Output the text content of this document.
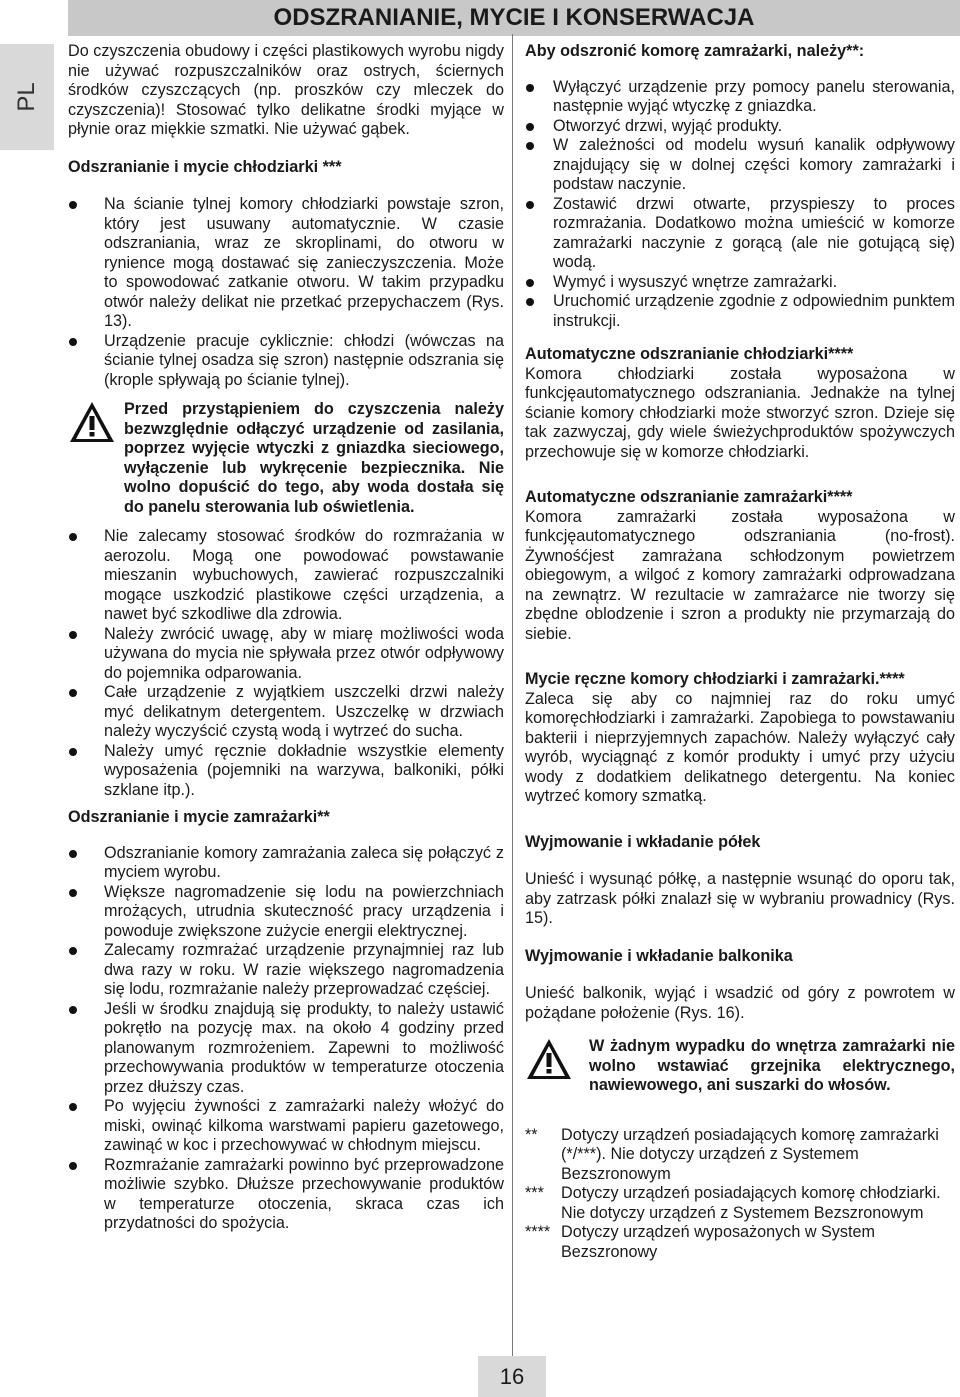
ODSZRANIANIE, MYCIE I KONSERWACJA
PL

Do czyszczenia obudowy i części plastikowych wyrobu nigdy nie używać rozpuszczalników oraz ostrych, ściernych środków czyszczących (np. proszków czy mleczek do czyszczenia)! Stosować tylko delikatne środki myjące w płynie oraz miękkie szmatki. Nie używać gąbek.

Odszranianie i mycie chłodziarki ***
Na ścianie tylnej komory chłodziarki powstaje szron, który jest usuwany automatycznie. W czasie odszraniania, wraz ze skroplinami, do otworu w rynience mogą dostawać się zanieczyszczenia. Może to spowodować zatkanie otworu. W takim przypadku otwór należy delikat nie przetkać przepychaczem (Rys. 13).
Urządzenie pracuje cyklicznie: chłodzi (wówczas na ścianie tylnej osadza się szron) następnie odszrania się (krople spływają po ścianie tylnej).
Przed przystąpieniem do czyszczenia należy bezwzględnie odłączyć urządzenie od zasilania, poprzez wyjęcie wtyczki z gniazdka sieciowego, wyłączenie lub wykręcenie bezpiecznika. Nie wolno dopuścić do tego, aby woda dostała się do panelu sterowania lub oświetlenia.
Nie zalecamy stosować środków do rozmrażania w aerozolu. Mogą one powodować powstawanie mieszanin wybuchowych, zawierać rozpuszczalniki mogące uszkodzić plastikowe części urządzenia, a nawet być szkodliwe dla zdrowia.
Należy zwrócić uwagę, aby w miarę możliwości woda używana do mycia nie spływała przez otwór odpływowy do pojemnika odparowania.
Całe urządzenie z wyjątkiem uszczelki drzwi należy myć delikatnym detergentem. Uszczelkę w drzwiach należy wyczyścić czystą wodą i wytrzeć do sucha.
Należy umyć ręcznie dokładnie wszystkie elementy wyposażenia (pojemniki na warzywa, balkoniki, półki szklane itp.).
Odszranianie i mycie zamrażarki**
Odszranianie komory zamrażania zaleca się połączyć z myciem wyrobu.
Większe nagromadzenie się lodu na powierzchniach mrożących, utrudnia skuteczność pracy urządzenia i powoduje zwiększone zużycie energii elektrycznej.
Zalecamy rozmrażać urządzenie przynajmniej raz lub dwa razy w roku. W razie większego nagromadzenia się lodu, rozmrażanie należy przeprowadzać częściej.
Jeśli w środku znajdują się produkty, to należy ustawić pokrętło na pozycję max. na około 4 godziny przed planowanym rozmrożeniem. Zapewni to możliwość przechowywania produktów w temperaturze otoczenia przez dłuższy czas.
Po wyjęciu żywności z zamrażarki należy włożyć do miski, owinąć kilkoma warstwami papieru gazetowego, zawinąć w koc i przechowywać w chłodnym miejscu.
Rozmrażanie zamrażarki powinno być przeprowadzone możliwie szybko. Dłuższe przechowywanie produktów w temperaturze otoczenia, skraca czas ich przydatności do spożycia.
Aby odszronić komorę zamrażarki, należy**:
Wyłączyć urządzenie przy pomocy panelu sterowania, następnie wyjąć wtyczkę z gniazdka.
Otworzyć drzwi, wyjąć produkty.
W zależności od modelu wysuń kanalik odpływowy znajdujący się w dolnej części komory zamrażarki i podstaw naczynie.
Zostawić drzwi otwarte, przyspieszy to proces rozmrażania. Dodatkowo można umieścić w komorze zamrażarki naczynie z gorącą (ale nie gotującą się) wodą.
Wymyć i wysuszyć wnętrze zamrażarki.
Uruchomić urządzenie zgodnie z odpowiednim punktem instrukcji.
Automatyczne odszranianie chłodziarki****

Komora chłodziarki została wyposażona w funkcjęautomatycznego odszraniania. Jednakże na tylnej ścianie komory chłodziarki może stworzyć szron. Dzieje się tak zazwyczaj, gdy wiele świeżychproduktów spożywczych przechowuje się w komorze chłodziarki.

Automatyczne odszranianie zamrażarki****

Komora zamrażarki została wyposażona w funkcjęautomatycznego odszraniania (no-frost). Żywnośćjest zamrażana schłodzonym powietrzem obiegowym, a wilgoć z komory zamrażarki odprowadzana na zewnątrz. W rezultacie w zamrażarce nie tworzy się zbędne oblodzenie i szron a produkty nie przymarzają do siebie.

Mycie ręczne komory chłodziarki i zamrażarki.****

Zaleca się aby co najmniej raz do roku umyć komoręchłodziarki i zamrażarki. Zapobiega to powstawaniu bakterii i nieprzyjemnych zapachów. Należy wyłączyć cały wyrób, wyciągnąć z komór produkty i umyć przy użyciu wody z dodatkiem delikatnego detergentu. Na koniec wytrzeć komory szmatką.

Wyjmowanie i wkładanie półek

Unieść i wysunąć półkę, a następnie wsunąć do oporu tak, aby zatrzask półki znalazł się w wybraniu prowadnicy (Rys. 15).

Wyjmowanie i wkładanie balkonika

Unieść balkonik, wyjąć i wsadzić od góry z powrotem w pożądane położenie (Rys. 16).

W żadnym wypadku do wnętrza zamrażarki nie wolno wstawiać grzejnika elektrycznego, nawiewowego, ani suszarki do włosów.
** Dotyczy urządzeń posiadających komorę zamrażarki (*/***). Nie dotyczy urządzeń z Systemem Bezszronowym
*** Dotyczy urządzeń posiadających komorę chłodziarki. Nie dotyczy urządzeń z Systemem Bezszronowym
**** Dotyczy urządzeń wyposażonych w System Bezszronowy
16
